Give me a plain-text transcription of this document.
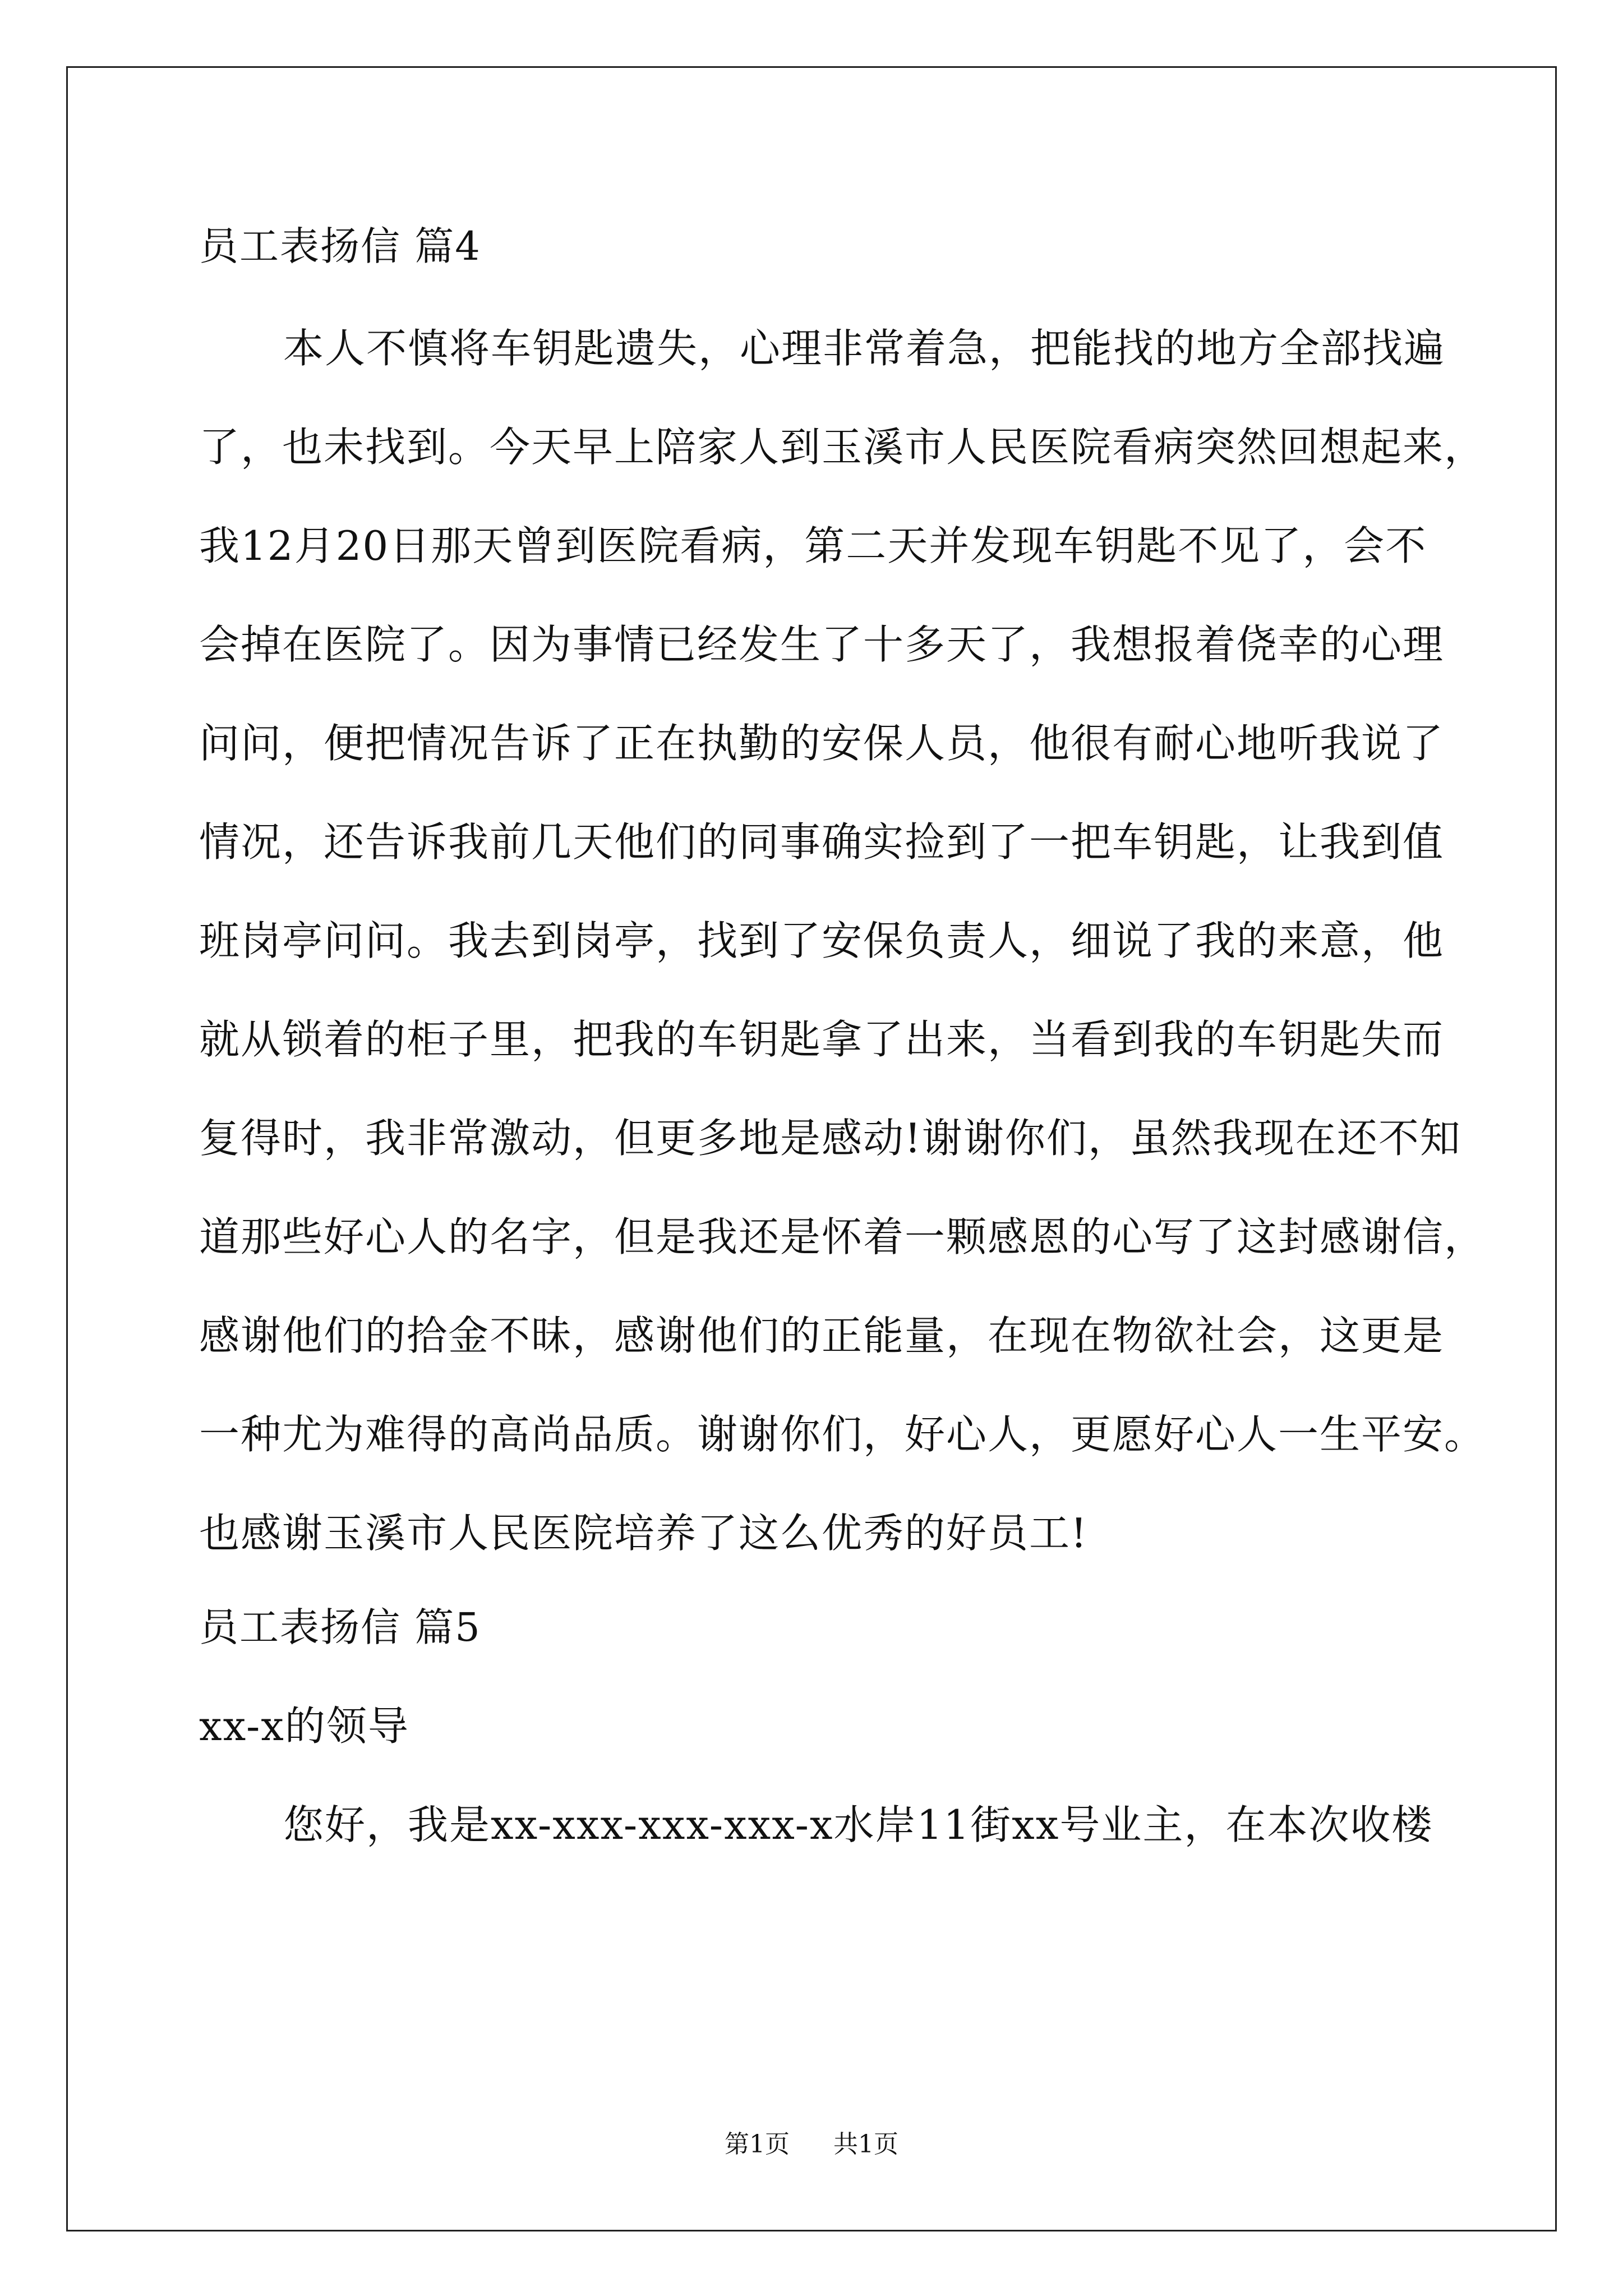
员工表扬信 篇4
本人不慎将车钥匙遗失，心理非常着急，把能找的地方全部找遍
了，也未找到。今天早上陪家人到玉溪市人民医院看病突然回想起来，
我12月20日那天曾到医院看病，第二天并发现车钥匙不见了，会不
会掉在医院了。因为事情已经发生了十多天了，我想报着侥幸的心理
问问，便把情况告诉了正在执勤的安保人员，他很有耐心地听我说了
情况，还告诉我前几天他们的同事确实捡到了一把车钥匙，让我到值
班岗亭问问。我去到岗亭，找到了安保负责人，细说了我的来意，他
就从锁着的柜子里，把我的车钥匙拿了出来，当看到我的车钥匙失而
复得时，我非常激动，但更多地是感动!谢谢你们，虽然我现在还不知
道那些好心人的名字，但是我还是怀着一颗感恩的心写了这封感谢信，
感谢他们的拾金不昧，感谢他们的正能量，在现在物欲社会，这更是
一种尤为难得的高尚品质。谢谢你们，好心人，更愿好心人一生平安。
也感谢玉溪市人民医院培养了这么优秀的好员工!
员工表扬信 篇5
xx-x的领导
您好，我是xx-xxx-xxx-xxx-x水岸11街xx号业主，在本次收楼
第1页 共1页
